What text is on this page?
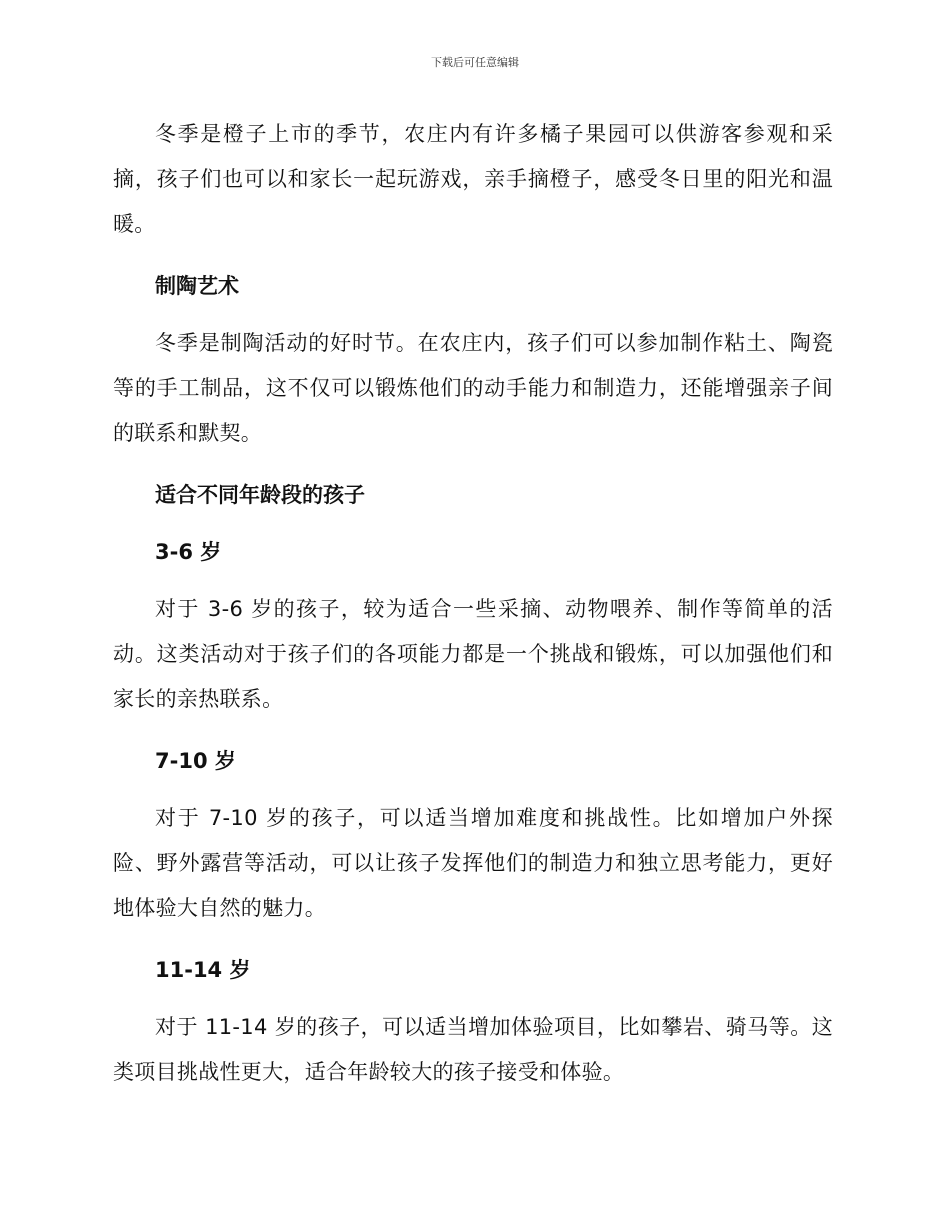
下载后可任意编辑

冬季是橙子上市的季节，农庄内有许多橘子果园可以供游客参观和采摘，孩子们也可以和家长一起玩游戏，亲手摘橙子，感受冬日里的阳光和温暖。

制陶艺术

冬季是制陶活动的好时节。在农庄内，孩子们可以参加制作粘土、陶瓷等的手工制品，这不仅可以锻炼他们的动手能力和制造力，还能增强亲子间的联系和默契。

适合不同年龄段的孩子
3-6 岁

对于 3-6 岁的孩子，较为适合一些采摘、动物喂养、制作等简单的活动。这类活动对于孩子们的各项能力都是一个挑战和锻炼，可以加强他们和家长的亲热联系。

7-10 岁

对于 7-10 岁的孩子，可以适当增加难度和挑战性。比如增加户外探险、野外露营等活动，可以让孩子发挥他们的制造力和独立思考能力，更好地体验大自然的魅力。

11-14 岁

对于 11-14 岁的孩子，可以适当增加体验项目，比如攀岩、骑马等。这类项目挑战性更大，适合年龄较大的孩子接受和体验。
